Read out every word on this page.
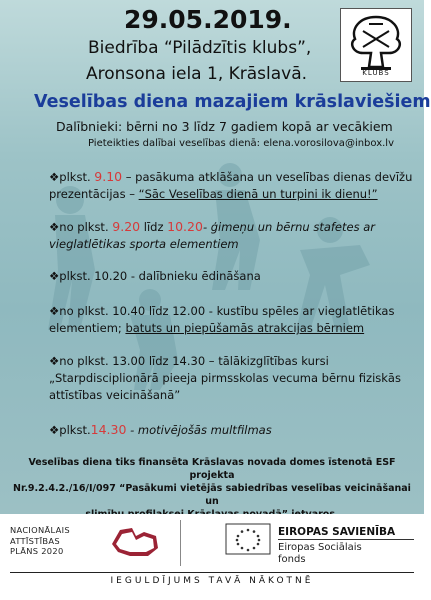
29.05.2019.
Biedrība “Pilādzītis klubs”,
Aronsona iela 1, Krāslavā.	KLUBS
Veselības diena mazajiem krāslaviešiem
Dalībnieki: bērni no 3 līdz 7 gadiem kopā ar vecākiem
Pieteikties dalībai veselības dienā: elena.vorosilova@inbox.lv
❖plkst. 9.10 – pasākuma atklāšana un veselības dienas devīžu
prezentācijas – “Sāc Veselības dienā un turpini ik dienu!”
❖no plkst. 9.20 līdz 10.20- ģimeņu un bērnu stafetes ar
vieglatlētikas sporta elementiem
❖plkst. 10.20 - dalībnieku ēdināšana
❖no plkst. 10.40 līdz 12.00 - kustību spēles ar vieglatlētikas
elementiem; batuts un piepūšamās atrakcijas bērniem
❖no plkst. 13.00 līdz 14.30 – tālākizglītības kursi
„Starpdisciplionārā pieeja pirmsskolas vecuma bērnu fiziskās
attīstības veicināšanā”
❖plkst.14.30 - motivējošās multfilmas
Veselības diena tiks finansēta Krāslavas novada domes īstenotā ESF projekta
Nr.9.2.4.2./16/I/097 “Pasākumi vietējās sabiedrības veselības veicināšanai un
NACIONĀLAIS
ATTĪSTĪBAS
PLĀNS 2020
EIROPAS SAVIENĪBA
Eiropas Sociālais
fonds
IEGULDĪJUMS TAVĀ NĀKOTNĒ
